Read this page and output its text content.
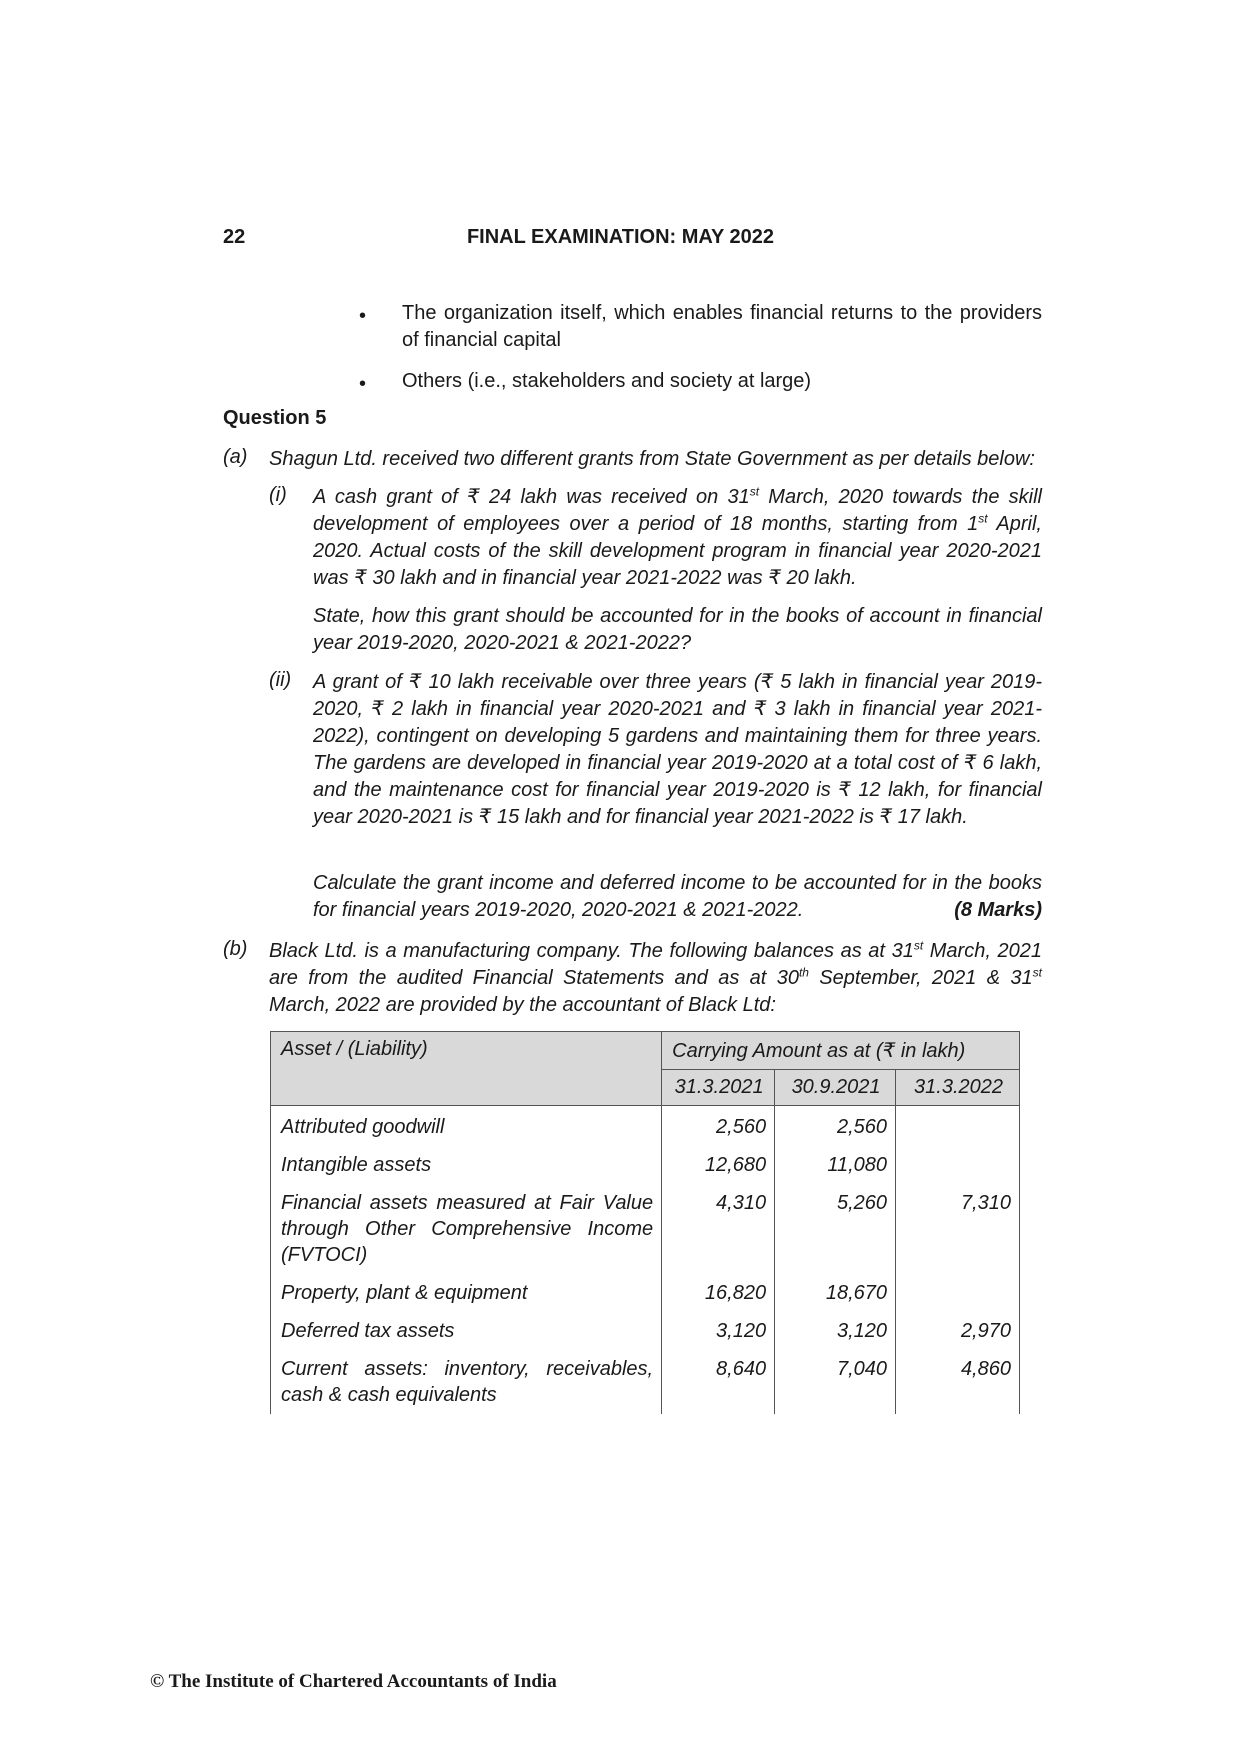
22	FINAL EXAMINATION: MAY 2022
• The organization itself, which enables financial returns to the providers of financial capital
• Others (i.e., stakeholders and society at large)
Question 5
(a) Shagun Ltd. received two different grants from State Government as per details below:
(i) A cash grant of ₹ 24 lakh was received on 31st March, 2020 towards the skill development of employees over a period of 18 months, starting from 1st April, 2020. Actual costs of the skill development program in financial year 2020-2021 was ₹ 30 lakh and in financial year 2021-2022 was ₹ 20 lakh.
State, how this grant should be accounted for in the books of account in financial year 2019-2020, 2020-2021 & 2021-2022?
(ii) A grant of ₹ 10 lakh receivable over three years (₹ 5 lakh in financial year 2019-2020, ₹ 2 lakh in financial year 2020-2021 and ₹ 3 lakh in financial year 2021-2022), contingent on developing 5 gardens and maintaining them for three years. The gardens are developed in financial year 2019-2020 at a total cost of ₹ 6 lakh, and the maintenance cost for financial year 2019-2020 is ₹ 12 lakh, for financial year 2020-2021 is ₹ 15 lakh and for financial year 2021-2022 is ₹ 17 lakh.
Calculate the grant income and deferred income to be accounted for in the books for financial years 2019-2020, 2020-2021 & 2021-2022.	(8 Marks)
(b) Black Ltd. is a manufacturing company. The following balances as at 31st March, 2021 are from the audited Financial Statements and as at 30th September, 2021 & 31st March, 2022 are provided by the accountant of Black Ltd:
Asset / (Liability)	Carrying Amount as at (₹ in lakh)		
	31.3.2021	30.9.2021	31.3.2022
Attributed goodwill	2,560	2,560	
Intangible assets	12,680	11,080	
Financial assets measured at Fair Value through Other Comprehensive Income (FVTOCI)	4,310	5,260	7,310
Property, plant & equipment	16,820	18,670	
Deferred tax assets	3,120	3,120	2,970
Current assets: inventory, receivables, cash & cash equivalents	8,640	7,040	4,860
© The Institute of Chartered Accountants of India
